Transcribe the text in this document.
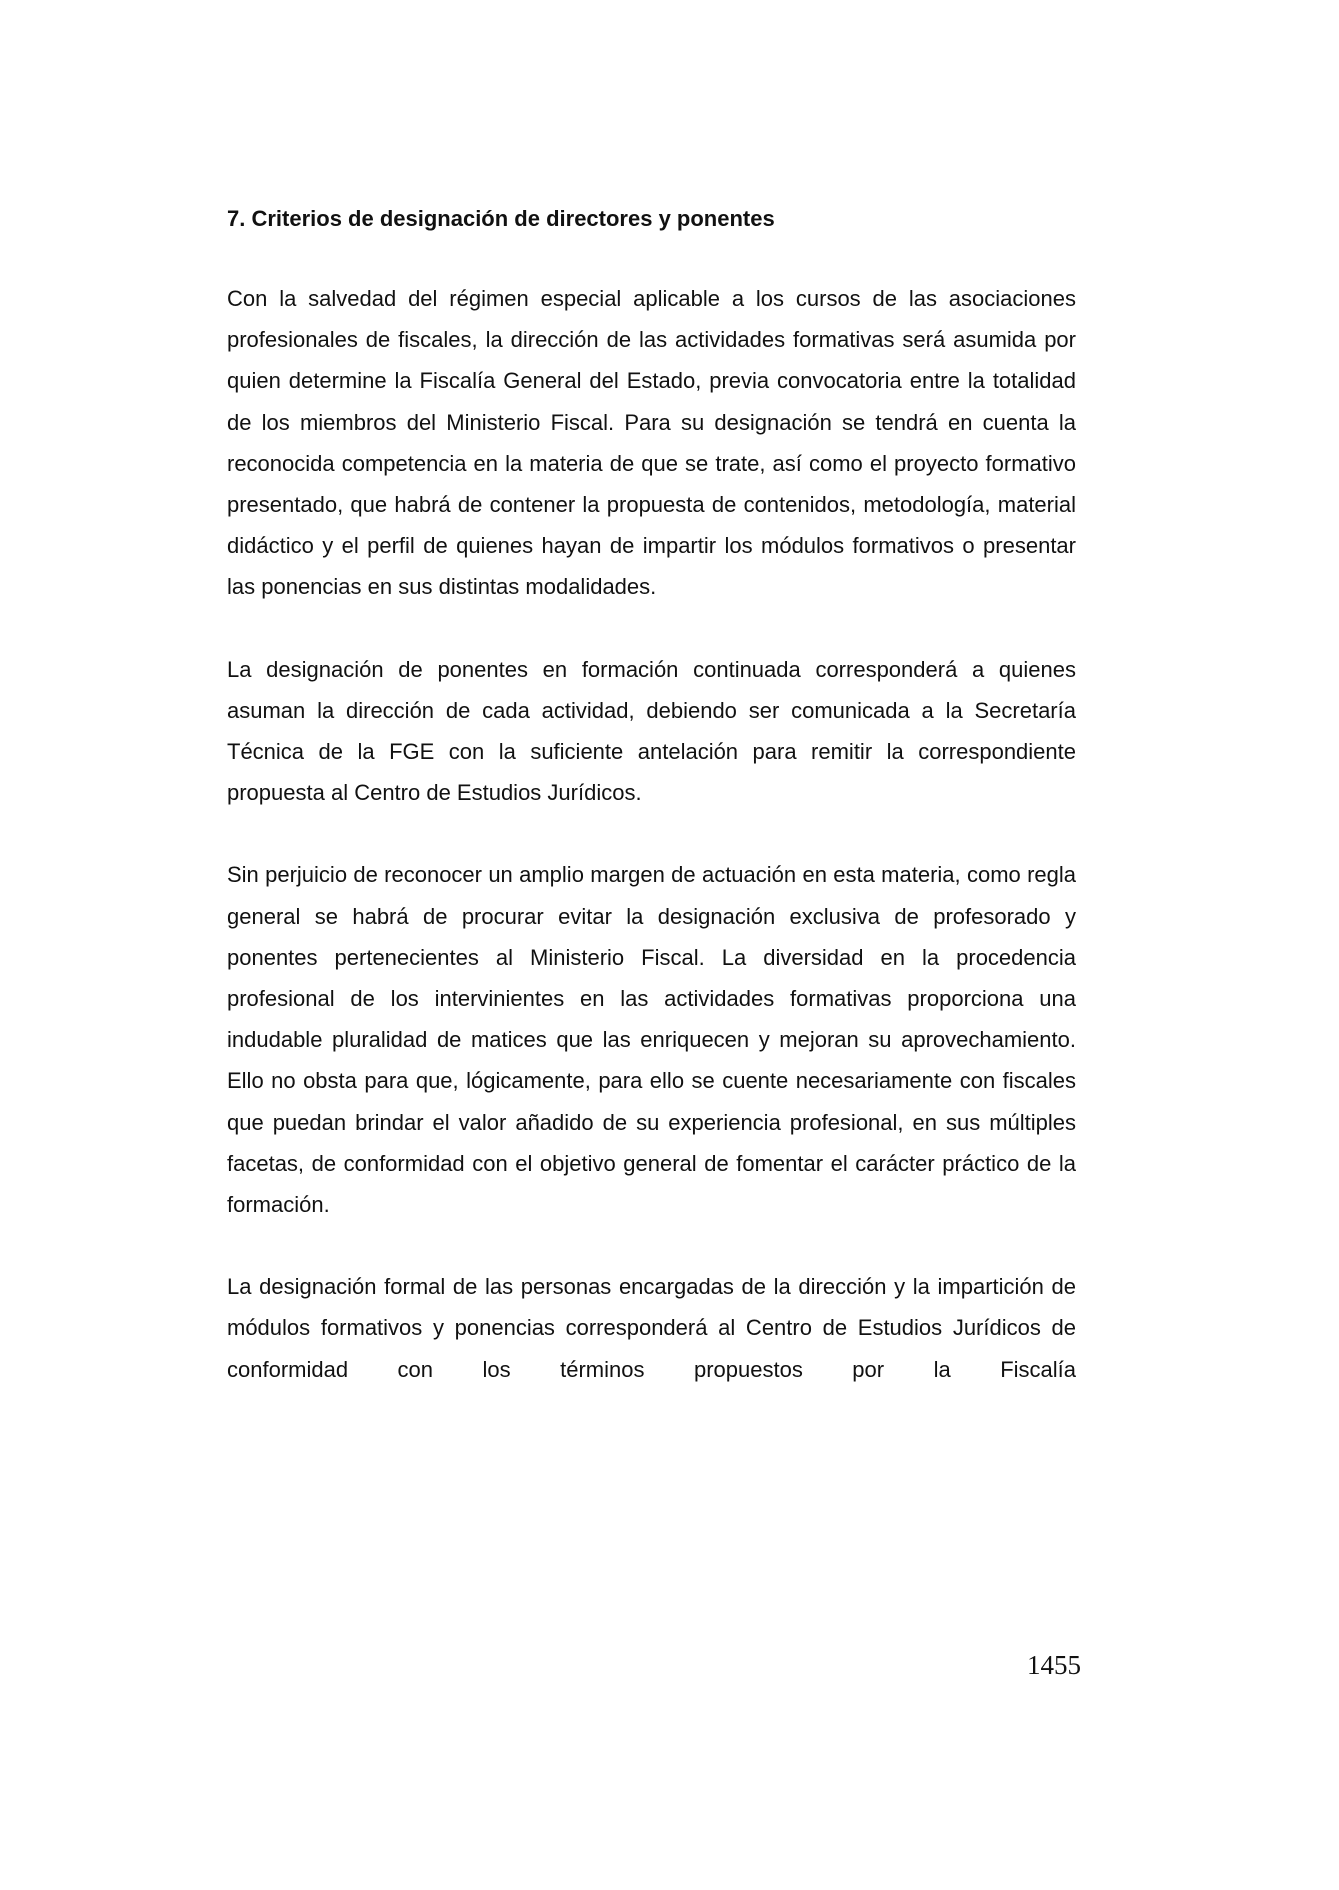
7. Criterios de designación de directores y ponentes

Con la salvedad del régimen especial aplicable a los cursos de las asociaciones profesionales de fiscales, la dirección de las actividades formativas será asumida por quien determine la Fiscalía General del Estado, previa convocatoria entre la totalidad de los miembros del Ministerio Fiscal. Para su designación se tendrá en cuenta la reconocida competencia en la materia de que se trate, así como el proyecto formativo presentado, que habrá de contener la propuesta de contenidos, metodología, material didáctico y el perfil de quienes hayan de impartir los módulos formativos o presentar las ponencias en sus distintas modalidades.

La designación de ponentes en formación continuada corresponderá a quienes asuman la dirección de cada actividad, debiendo ser comunicada a la Secretaría Técnica de la FGE con la suficiente antelación para remitir la correspondiente propuesta al Centro de Estudios Jurídicos.

Sin perjuicio de reconocer un amplio margen de actuación en esta materia, como regla general se habrá de procurar evitar la designación exclusiva de profesorado y ponentes pertenecientes al Ministerio Fiscal. La diversidad en la procedencia profesional de los intervinientes en las actividades formativas proporciona una indudable pluralidad de matices que las enriquecen y mejoran su aprovechamiento. Ello no obsta para que, lógicamente, para ello se cuente necesariamente con fiscales que puedan brindar el valor añadido de su experiencia profesional, en sus múltiples facetas, de conformidad con el objetivo general de fomentar el carácter práctico de la formación.

La designación formal de las personas encargadas de la dirección y la impartición de módulos formativos y ponencias corresponderá al Centro de Estudios Jurídicos de conformidad con los términos propuestos por la Fiscalía

1455
